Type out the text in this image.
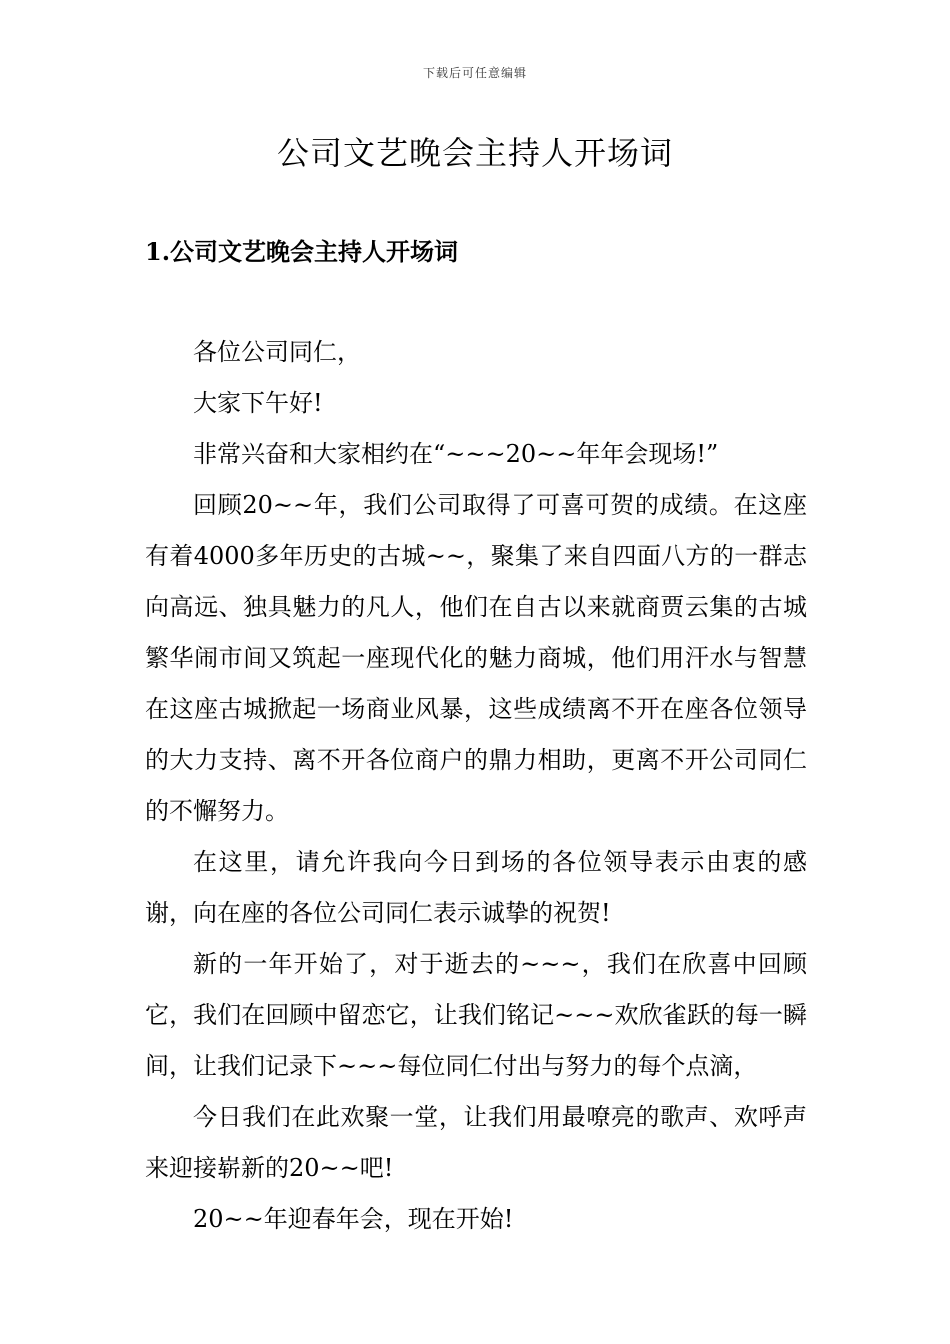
下载后可任意编辑
公司文艺晚会主持人开场词
1.公司文艺晚会主持人开场词

各位公司同仁，

大家下午好!

非常兴奋和大家相约在“~~~20~~年年会现场!”

回顾20~~年，我们公司取得了可喜可贺的成绩。在这座有着4000多年历史的古城~~，聚集了来自四面八方的一群志向高远、独具魅力的凡人，他们在自古以来就商贾云集的古城繁华闹市间又筑起一座现代化的魅力商城，他们用汗水与智慧在这座古城掀起一场商业风暴，这些成绩离不开在座各位领导的大力支持、离不开各位商户的鼎力相助，更离不开公司同仁的不懈努力。

在这里，请允许我向今日到场的各位领导表示由衷的感谢，向在座的各位公司同仁表示诚挚的祝贺!

新的一年开始了，对于逝去的~~~，我们在欣喜中回顾它，我们在回顾中留恋它，让我们铭记~~~欢欣雀跃的每一瞬间，让我们记录下~~~每位同仁付出与努力的每个点滴，

今日我们在此欢聚一堂，让我们用最嘹亮的歌声、欢呼声来迎接崭新的20~~吧!

20~~年迎春年会，现在开始!
